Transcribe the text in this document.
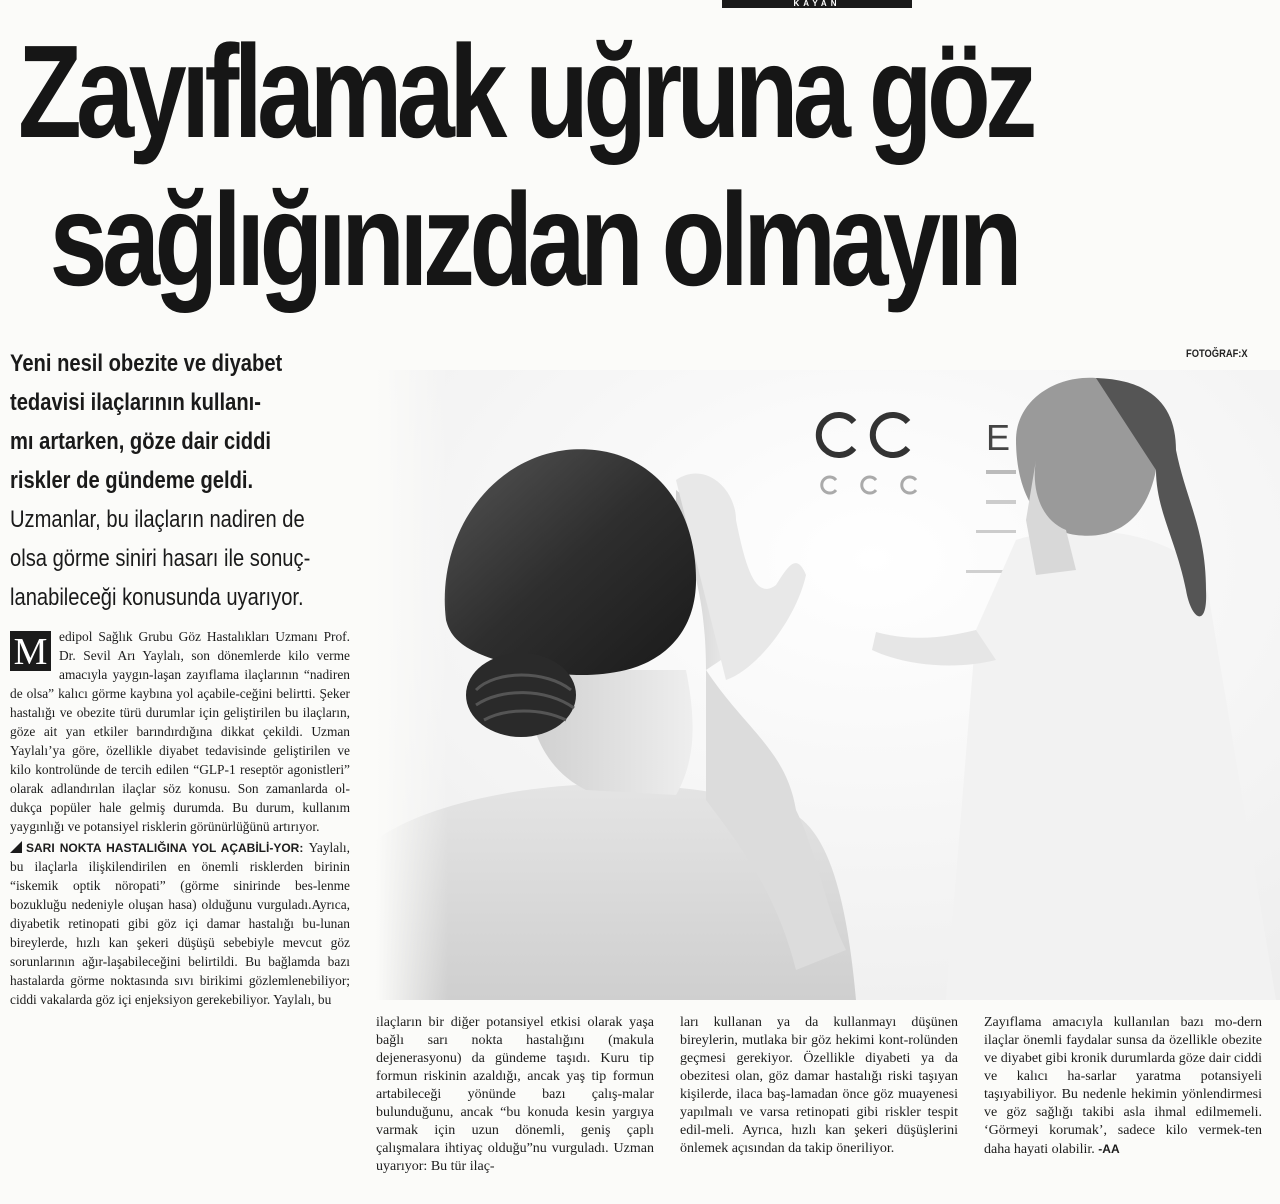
KAYAN
Zayıflamak uğruna göz
sağlığınızdan olmayın
Yeni nesil obezite ve diyabet
tedavisi ilaçlarının kullanı-
mı artarken, göze dair ciddi
riskler de gündeme geldi.
Uzmanlar, bu ilaçların nadiren de
olsa görme siniri hasarı ile sonuç-
lanabileceği konusunda uyarıyor.
FOTOĞRAF:X

M edipol Sağlık Grubu Göz Hastalıkları Uzmanı Prof. Dr. Sevil Arı Yaylalı, son dönemlerde kilo verme amacıyla yaygın-laşan zayıflama ilaçlarının “nadiren de olsa” kalıcı görme kaybına yol açabile-ceğini belirtti. Şeker hastalığı ve obezite türü durumlar için geliştirilen bu ilaçların, göze ait yan etkiler barındırdığına dikkat çekildi. Uzman Yaylalı’ya göre, özellikle diyabet tedavisinde geliştirilen ve kilo kontrolünde de tercih edilen “GLP-1 reseptör agonistleri” olarak adlandırılan ilaçlar söz konusu. Son zamanlarda ol-dukça popüler hale gelmiş durumda. Bu durum, kullanım yaygınlığı ve potansiyel risklerin görünürlüğünü artırıyor.

SARI NOKTA HASTALIĞINA YOL AÇABİLİ-YOR: Yaylalı, bu ilaçlarla ilişkilendirilen en önemli risklerden birinin “iskemik optik nöropati” (görme sinirinde bes-lenme bozukluğu nedeniyle oluşan hasa) olduğunu vurguladı.Ayrıca, diyabetik retinopati gibi göz içi damar hastalığı bu-lunan bireylerde, hızlı kan şekeri düşüşü sebebiyle mevcut göz sorunlarının ağır-laşabileceğini belirtildi. Bu bağlamda bazı hastalarda görme noktasında sıvı birikimi gözlemlenebiliyor; ciddi vakalarda göz içi enjeksiyon gerekebiliyor. Yaylalı, bu

ilaçların bir diğer potansiyel etkisi olarak yaşa bağlı sarı nokta hastalığını (makula dejenerasyonu) da gündeme taşıdı. Kuru tip formun riskinin azaldığı, ancak yaş tip formun artabileceği yönünde bazı çalış-malar bulunduğunu, ancak “bu konuda kesin yargıya varmak için uzun dönemli, geniş çaplı çalışmalara ihtiyaç olduğu”nu vurguladı. Uzman uyarıyor: Bu tür ilaç-

ları kullanan ya da kullanmayı düşünen bireylerin, mutlaka bir göz hekimi kont-rolünden geçmesi gerekiyor. Özellikle diyabeti ya da obezitesi olan, göz damar hastalığı riski taşıyan kişilerde, ilaca baş-lamadan önce göz muayenesi yapılmalı ve varsa retinopati gibi riskler tespit edil-meli. Ayrıca, hızlı kan şekeri düşüşlerini önlemek açısından da takip öneriliyor.

Zayıflama amacıyla kullanılan bazı mo-dern ilaçlar önemli faydalar sunsa da özellikle obezite ve diyabet gibi kronik durumlarda göze dair ciddi ve kalıcı ha-sarlar yaratma potansiyeli taşıyabiliyor. Bu nedenle hekimin yönlendirmesi ve göz sağlığı takibi asla ihmal edilmemeli. ‘Görmeyi korumak’, sadece kilo vermek-ten daha hayati olabilir. -AA
